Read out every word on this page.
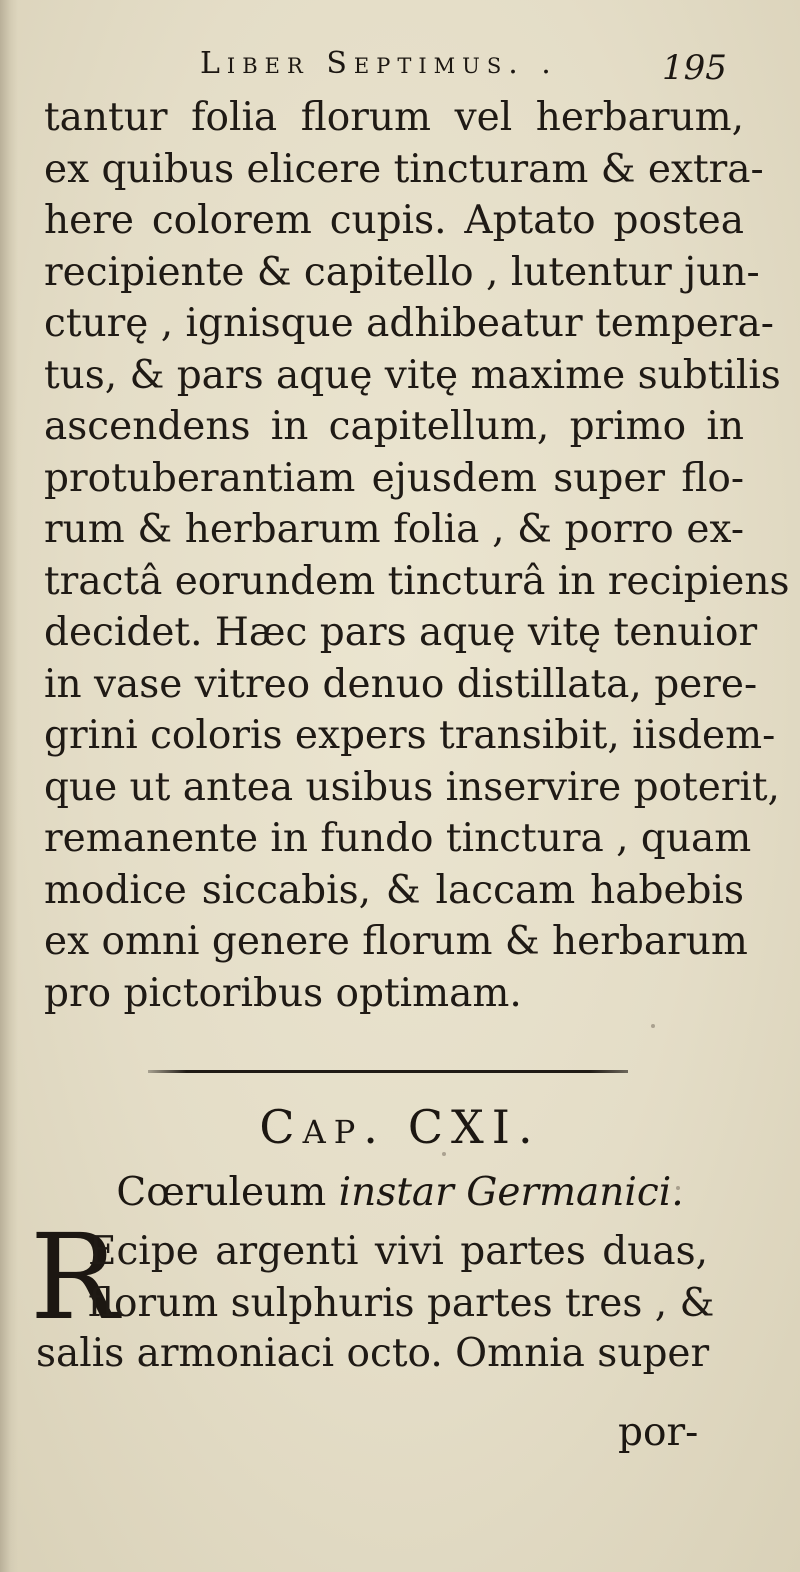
Liber Septimus. .	195
tantur folia florum vel herbarum,
ex quibus elicere tincturam & extra-
here colorem cupis. Aptato postea
recipiente & capitello , lutentur jun-
cturę , ignisque adhibeatur tempera-
tus, & pars aquę vitę maxime subtilis
ascendens in capitellum, primo in
protuberantiam ejusdem super flo-
rum & herbarum folia , & porro ex-
tractâ eorundem tincturâ in recipiens
decidet. Hæc pars aquę vitę tenuior
in vase vitreo denuo distillata, pere-
grini coloris expers transibit, iisdem-
que ut antea usibus inservire poterit,
remanente in fundo tinctura , quam
modice siccabis, & laccam habebis
ex omni genere florum & herbarum
pro pictoribus optimam.
Cap. CXI.
Cœruleum instar Germanici.
R
Ecipe argenti vivi partes duas,
florum sulphuris partes tres , &
salis armoniaci octo. Omnia super
por-
